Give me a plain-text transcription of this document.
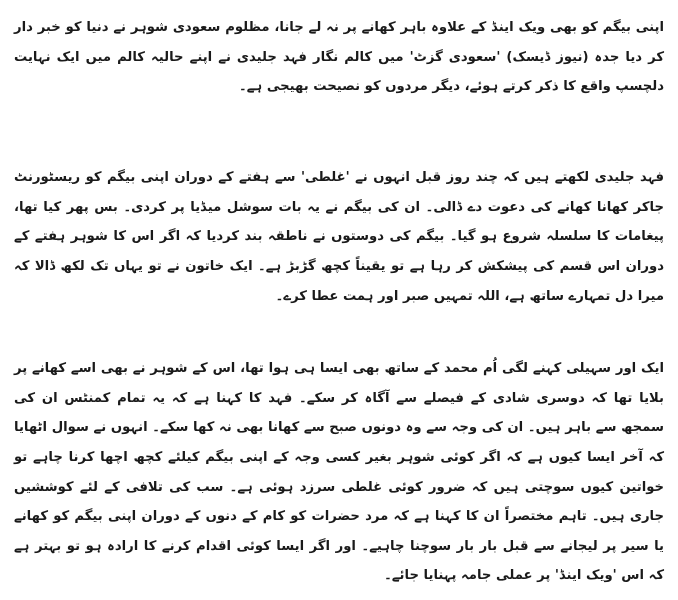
اپنی بیگم کو بھی ویک اینڈ کے علاوہ باہر کھانے پر نہ لے جانا، مظلوم سعودی شوہر نے دنیا کو خبر دار کر دیا جدہ (نیوز ڈیسک) 'سعودی گزٹ' میں کالم نگار فہد جلیدی نے اپنے حالیہ کالم میں ایک نہایت دلچسپ واقع کا ذکر کرتے ہوئے، دیگر مردوں کو نصیحت بھیجی ہے۔

فہد جلیدی لکھتے ہیں کہ چند روز قبل انہوں نے 'غلطی' سے ہفتے کے دوران اپنی بیگم کو ریسٹورنٹ جاکر کھانا کھانے کی دعوت دے ڈالی۔ ان کی بیگم نے یہ بات سوشل میڈیا پر کردی۔ بس پھر کیا تھا، پیغامات کا سلسلہ شروع ہو گیا۔ بیگم کی دوستوں نے ناطقہ بند کردیا کہ اگر اس کا شوہر ہفتے کے دوران اس قسم کی پیشکش کر رہا ہے تو یقیناً کچھ گڑبڑ ہے۔ ایک خاتون نے تو یہاں تک لکھ ڈالا کہ میرا دل تمہارے ساتھ ہے، اللہ تمہیں صبر اور ہمت عطا کرے۔

ایک اور سہیلی کہنے لگی اُم محمد کے ساتھ بھی ایسا ہی ہوا تھا، اس کے شوہر نے بھی اسے کھانے پر بلایا تھا کہ دوسری شادی کے فیصلے سے آگاہ کر سکے۔ فہد کا کہنا ہے کہ یہ تمام کمنٹس ان کی سمجھ سے باہر ہیں۔ ان کی وجہ سے وہ دونوں صبح سے کھانا بھی نہ کھا سکے۔ انہوں نے سوال اٹھایا کہ آخر ایسا کیوں ہے کہ اگر کوئی شوہر بغیر کسی وجہ کے اپنی بیگم کیلئے کچھ اچھا کرنا چاہے تو خواتین کیوں سوچتی ہیں کہ ضرور کوئی غلطی سرزد ہوئی ہے۔ سب کی تلافی کے لئے کوششیں جاری ہیں۔ تاہم مختصراً ان کا کہنا ہے کہ مرد حضرات کو کام کے دنوں کے دوران اپنی بیگم کو کھانے یا سیر پر لیجانے سے قبل بار بار سوچنا چاہیے۔ اور اگر ایسا کوئی اقدام کرنے کا ارادہ ہو تو بہتر ہے کہ اس 'ویک اینڈ' پر عملی جامہ پہنایا جائے۔
